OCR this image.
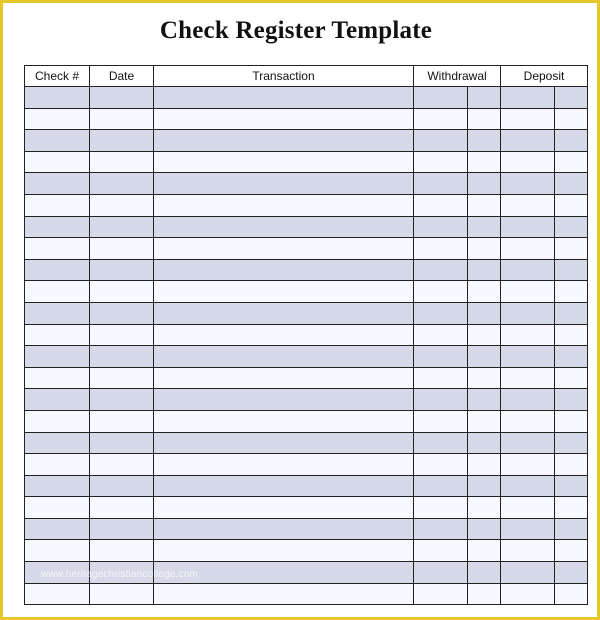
Check Register Template
Check #	Date	Transaction	Withdrawal		Deposit	

www.heritagechristiancollege.com
